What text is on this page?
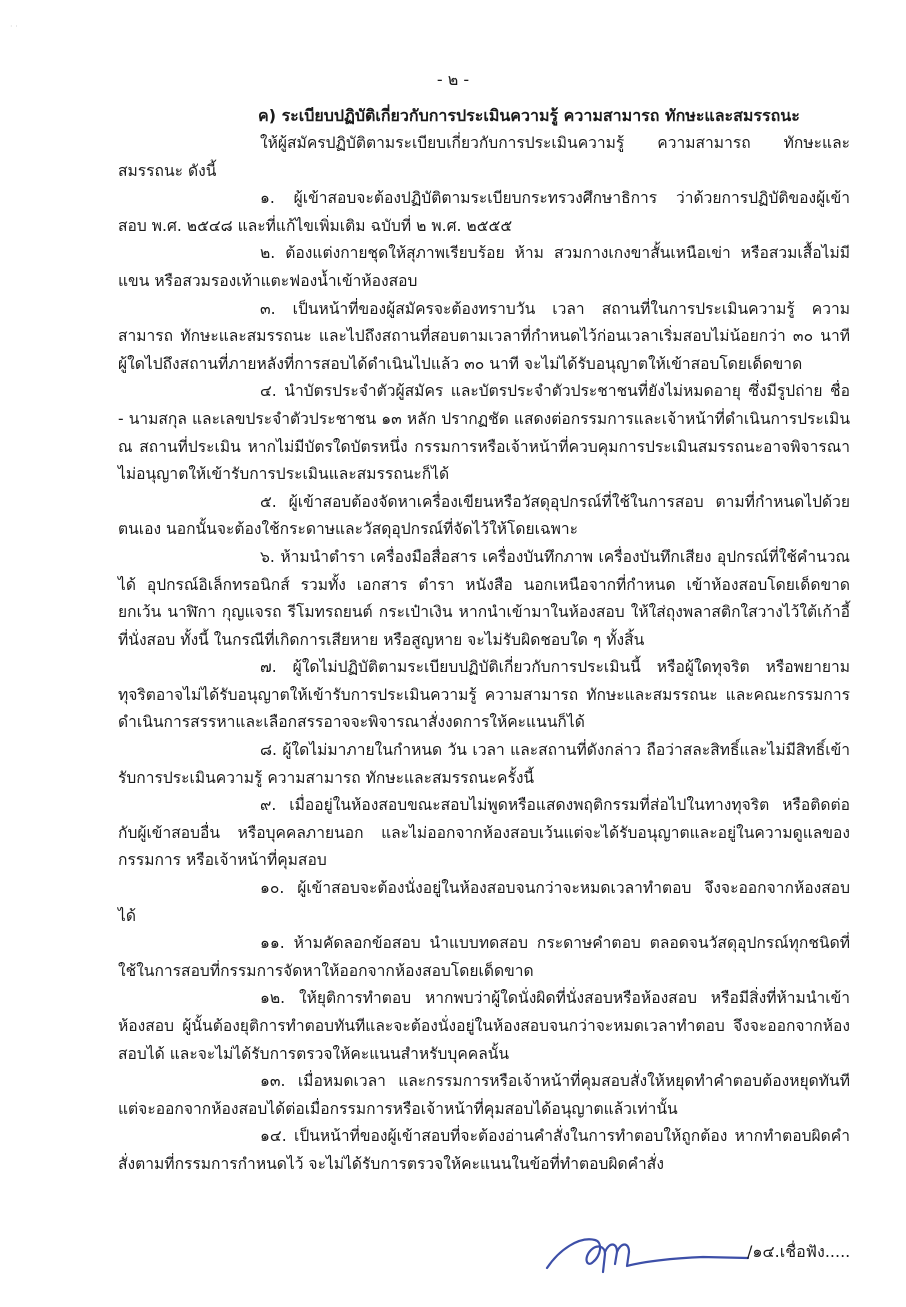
· ·
- ๒ -
ค) ระเบียบปฏิบัติเกี่ยวกับการประเมินความรู้ ความสามารถ ทักษะและสมรรถนะ

ให้ผู้สมัครปฏิบัติตามระเบียบเกี่ยวกับการประเมินความรู้ ความสามารถ ทักษะและสมรรถนะ ดังนี้

๑. ผู้เข้าสอบจะต้องปฏิบัติตามระเบียบกระทรวงศึกษาธิการ ว่าด้วยการปฏิบัติของผู้เข้าสอบ พ.ศ. ๒๕๔๘ และที่แก้ไขเพิ่มเติม ฉบับที่ ๒ พ.ศ. ๒๕๕๕

๒. ต้องแต่งกายชุดให้สุภาพเรียบร้อย ห้าม สวมกางเกงขาสั้นเหนือเข่า หรือสวมเสื้อไม่มีแขน หรือสวมรองเท้าแตะฟองน้ำเข้าห้องสอบ

๓. เป็นหน้าที่ของผู้สมัครจะต้องทราบวัน เวลา สถานที่ในการประเมินความรู้ ความสามารถ ทักษะและสมรรถนะ และไปถึงสถานที่สอบตามเวลาที่กำหนดไว้ก่อนเวลาเริ่มสอบไม่น้อยกว่า ๓๐ นาที ผู้ใดไปถึงสถานที่ภายหลังที่การสอบได้ดำเนินไปแล้ว ๓๐ นาที จะไม่ได้รับอนุญาตให้เข้าสอบโดยเด็ดขาด

๔. นำบัตรประจำตัวผู้สมัคร และบัตรประจำตัวประชาชนที่ยังไม่หมดอายุ ซึ่งมีรูปถ่าย ชื่อ - นามสกุล และเลขประจำตัวประชาชน ๑๓ หลัก ปรากฏชัด แสดงต่อกรรมการและเจ้าหน้าที่ดำเนินการประเมิน ณ สถานที่ประเมิน หากไม่มีบัตรใดบัตรหนึ่ง กรรมการหรือเจ้าหน้าที่ควบคุมการประเมินสมรรถนะอาจพิจารณาไม่อนุญาตให้เข้ารับการประเมินและสมรรถนะก็ได้

๕. ผู้เข้าสอบต้องจัดหาเครื่องเขียนหรือวัสดุอุปกรณ์ที่ใช้ในการสอบ ตามที่กำหนดไปด้วยตนเอง นอกนั้นจะต้องใช้กระดาษและวัสดุอุปกรณ์ที่จัดไว้ให้โดยเฉพาะ

๖. ห้ามนำตำรา เครื่องมือสื่อสาร เครื่องบันทึกภาพ เครื่องบันทึกเสียง อุปกรณ์ที่ใช้คำนวณได้ อุปกรณ์อิเล็กทรอนิกส์ รวมทั้ง เอกสาร ตำรา หนังสือ นอกเหนือจากที่กำหนด เข้าห้องสอบโดยเด็ดขาด ยกเว้น นาฬิกา กุญแจรถ รีโมทรถยนต์ กระเป๋าเงิน หากนำเข้ามาในห้องสอบ ให้ใส่ถุงพลาสติกใสวางไว้ใต้เก้าอี้ที่นั่งสอบ ทั้งนี้ ในกรณีที่เกิดการเสียหาย หรือสูญหาย จะไม่รับผิดชอบใด ๆ ทั้งสิ้น

๗. ผู้ใดไม่ปฏิบัติตามระเบียบปฏิบัติเกี่ยวกับการประเมินนี้ หรือผู้ใดทุจริต หรือพยายามทุจริตอาจไม่ได้รับอนุญาตให้เข้ารับการประเมินความรู้ ความสามารถ ทักษะและสมรรถนะ และคณะกรรมการดำเนินการสรรหาและเลือกสรรอาจจะพิจารณาสั่งงดการให้คะแนนก็ได้

๘. ผู้ใดไม่มาภายในกำหนด วัน เวลา และสถานที่ดังกล่าว ถือว่าสละสิทธิ์และไม่มีสิทธิ์เข้ารับการประเมินความรู้ ความสามารถ ทักษะและสมรรถนะครั้งนี้

๙. เมื่ออยู่ในห้องสอบขณะสอบไม่พูดหรือแสดงพฤติกรรมที่ส่อไปในทางทุจริต หรือติดต่อกับผู้เข้าสอบอื่น หรือบุคคลภายนอก และไม่ออกจากห้องสอบเว้นแต่จะได้รับอนุญาตและอยู่ในความดูแลของกรรมการ หรือเจ้าหน้าที่คุมสอบ

๑๐. ผู้เข้าสอบจะต้องนั่งอยู่ในห้องสอบจนกว่าจะหมดเวลาทำตอบ จึงจะออกจากห้องสอบได้

๑๑. ห้ามคัดลอกข้อสอบ นำแบบทดสอบ กระดาษคำตอบ ตลอดจนวัสดุอุปกรณ์ทุกชนิดที่ใช้ในการสอบที่กรรมการจัดหาให้ออกจากห้องสอบโดยเด็ดขาด

๑๒. ให้ยุติการทำตอบ หากพบว่าผู้ใดนั่งผิดที่นั่งสอบหรือห้องสอบ หรือมีสิ่งที่ห้ามนำเข้าห้องสอบ ผู้นั้นต้องยุติการทำตอบทันทีและจะต้องนั่งอยู่ในห้องสอบจนกว่าจะหมดเวลาทำตอบ จึงจะออกจากห้องสอบได้ และจะไม่ได้รับการตรวจให้คะแนนสำหรับบุคคลนั้น

๑๓. เมื่อหมดเวลา และกรรมการหรือเจ้าหน้าที่คุมสอบสั่งให้หยุดทำคำตอบต้องหยุดทันทีแต่จะออกจากห้องสอบได้ต่อเมื่อกรรมการหรือเจ้าหน้าที่คุมสอบได้อนุญาตแล้วเท่านั้น

๑๔. เป็นหน้าที่ของผู้เข้าสอบที่จะต้องอ่านคำสั่งในการทำตอบให้ถูกต้อง หากทำตอบผิดคำสั่งตามที่กรรมการกำหนดไว้ จะไม่ได้รับการตรวจให้คะแนนในข้อที่ทำตอบผิดคำสั่ง

/๑๔.เชื่อฟัง.....
